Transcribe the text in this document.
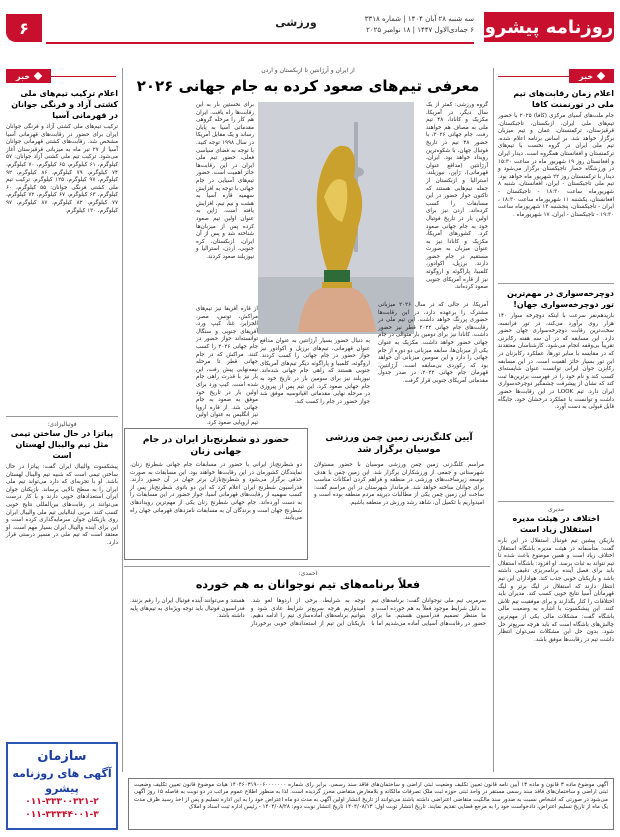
روزنامه پیشرو
سه شنبه ۲۸ آبان ۱۴۰۴ | شماره ۳۳۱۸
۶ جمادی‌الاول ۱۴۴۷ | ۱۸ نوامبر ۲۰۲۵
ورزشی
۶
خبر
اعلام زمان رقابت‌های تیم ملی در تورنمنت کافا
جام ملت‌های آسیای مرکزی (کافا) ۲۰۲۵ با حضور تیم‌های ملی ایران، ازبکستان، تاجیکستان، قرقیزستان، ترکمنستان، عمان و تیم میزبان برگزار خواهد شد. بر اساس برنامه اعلام شده، تیم ملی ایران در گروه نخست با تیم‌های ترکمنستان و افغانستان همگروه است. دیدار ایران و افغانستان روز ۱۹ شهریور ماه در ساعت ۱۵:۳۰ در ورزشگاه حصار تاجیکستان برگزار می‌شود و دیدار با ترکمنستان روز ۲۲ شهریور ماه خواهد بود. تیم ملی تاجیکستان - ایران، افغانستان، شنبه ۸ شهریورماه ساعت ۱۸:۳۰ - تاجیکستان - افغانستان، یکشنبه ۱۱ شهریورماه ساعت ۱۸:۳۰ ، ایران - تاجیکستان، پنجشنبه ۱۳ شهریورماه ساعت ۱۹:۳۰ - تاجیکستان - ایران، ۱۷ شهریورماه .
دوچرخه‌سواری در مهم‌ترین تور دوچرخه‌سواری جهان!
بازیدهم‌نفر سرعت با اینکه دوچرخه سوار ۱۴۰ هزار روی برآورد می‌کند، در تور فرانسه، سخت‌ترین رقابت دوچرخه‌سواری جهان حضور دارد. این مسابقه که در آن سه هفته رکابزنی تقریباً بی‌وقفه انجام می‌شود، کارشناسان معتقدند که در مقایسه با سایر تورها، عملکرد رکابزنان در این تور بسیار حائز اهمیت است. در این مسابقه رکابزن جوان ایرانی توانست عنوان شایسته‌ای کسب کند و نام خود را در فهرست برترین‌ها ثبت کند که نشان از پیشرفت چشمگیر دوچرخه‌سواری ایران دارد. تیم LOOK در این رقابت‌ها حضور داشت و توانست با عملکرد درخشان خود، جایگاه قابل قبولی به دست آورد.
مدیری
اختلاف در هیئت مدیره استقلال زیاد است
بازیکن پیشین تیم فوتبال استقلال در این باره گفت: متأسفانه در هیئت مدیره باشگاه استقلال اختلاف زیاد است و همین موضوع باعث شده تا تیم نتواند به ثبات برسد. او افزود: باشگاه استقلال باید برای فصل آینده برنامه‌ریزی دقیقی داشته باشد و بازیکنان خوبی جذب کند. هواداران این تیم انتظار دارند که استقلال در لیگ برتر و لیگ قهرمانان آسیا نتایج خوبی کسب کند. مدیران باید اختلافات را کنار بگذارند و برای موفقیت تیم تلاش کنند. این پیشکسوت با اشاره به وضعیت مالی باشگاه گفت: مشکلات مالی یکی از مهم‌ترین چالش‌های باشگاه است که باید هرچه سریع‌تر حل شود. بدون حل این مشکلات نمی‌توان انتظار داشت تیم در رقابت‌ها موفق باشد.
از ایران و آرژانتین تا ازبکستان و اردن
معرفی تیم‌های صعود کرده به جام جهانی ۲۰۲۶
گروه ورزشی: کمتر از یک سال دیگر، در آمریکا، مکزیک و کانادا، ۴۸ تیم ملی به مصاف هم خواهند رفت. جام جهانی ۲۰۲۶، با حضور ۴۸ تیم در تاریخ فوتبال جهان، با شکوه‌ترین رویداد خواهد بود. ایران، آرژانتین (مدافع عنوان قهرمانی)، ژاپن، نیوزیلند، استرالیا و ازبکستان از جمله تیم‌هایی هستند که تاکنون جواز حضور در این مسابقات را کسب کرده‌اند. اردن نیز برای اولین بار در تاریخ فوتبال خود به جام جهانی صعود کرد. کشورهای آمریکا، مکزیک و کانادا نیز به عنوان میزبان به صورت مستقیم در جام حضور دارند. برزیل، اکوادور، کلمبیا، پاراگوئه و اروگوئه نیز از قاره آمریکای جنوبی صعود کرده‌اند.
برای نخستین بار به این رقابت‌ها راه یافت. ایران هم کار را مرحله گروهی مقدماتی آسیا به پایان رساند و یک مقابل آمریکا در سال ۱۹۹۸ توجه کنید. با توجه به فضای سیاسی فعلی، حضور تیم ملی ایران در این رقابت‌ها حائز اهمیت است. حضور تیم‌های آسیایی در جام جهانی با توجه به افزایش سهمیه قاره آسیا به هشت و نیم تیم، افزایش یافته است. ژاپن به عنوان اولین تیم صعود کرده پس از میزبان‌ها شناخته شد و پس از آن ایران، ازبکستان، کره جنوبی، اردن، استرالیا و نیوزیلند صعود کردند.
آمریکا، در حالی که در سال ۲۰۲۶ میزبانی مشترک را برعهده دارد، در این رقابت‌ها حضوری پررنگ خواهد داشت. این تیم ملی در رقابت‌های جام جهانی ۲۰۲۲ قطر نیز حضور داشت. کانادا نیز برای دومین بار متوالی در جام جهانی حضور خواهد داشت. مکزیک به عنوان یکی از میزبان‌ها، سابقه میزبانی دو دوره از جام جهانی را دارد و این سومین میزبانی آن خواهد بود که رکوردی بی‌سابقه است. آرژانتین، قهرمان جام جهانی ۲۰۲۲، در صدر جدول مقدماتی آمریکای جنوبی قرار گرفت.
به دنبال حضور بسیار آرژانتین به عنوان مدافع عنوان قهرمانی، تیم‌های برزیل و اکوادور نیز جواز حضور در جام جهانی را کسب کردند. اروگوئه، کلمبیا و پاراگوئه دیگر تیم‌های آمریکای جنوبی هستند که راهی جام جهانی شده‌اند. نیوزیلند نیز برای سومین بار در تاریخ خود به جام جهانی صعود کرد. این تیم پس از پیروزی در مرحله نهایی مقدماتی اقیانوسیه موفق شد جواز حضور در جام را کسب کند.
از قاره آفریقا نیز تیم‌های مراکش، تونس، مصر، الجزایر، غنا، کیپ ورد، آفریقای جنوبی و سنگال توانسته‌اند جواز حضور در جام جهانی ۲۰۲۶ را کسب کنند. مراکش که در جام جهانی قطر تا مرحله نیمه‌نهایی پیش رفت، این بار نیز با قدرت راهی جام شده است. کیپ ورد برای اولین بار در تاریخ خود موفق به صعود به جام جهانی شد. از قاره اروپا نیز انگلیس به عنوان اولین تیم اروپایی صعود کرد.
حضور دو شطرنج‌باز ایران در جام جهانی زنان
دو شطرنج‌باز ایرانی با حضور در مسابقات جام جهانی شطرنج زنان، نمایندگان کشورمان در این رقابت‌ها خواهند بود. این مسابقات به صورت حذفی برگزار می‌شود و شطرنج‌بازان برتر جهان در آن حضور دارند. فدراسیون شطرنج ایران اعلام کرد که این دو بانوی شطرنج‌باز پس از کسب سهمیه از رقابت‌های قهرمانی آسیا، جواز حضور در این مسابقات را به دست آورده‌اند. جام جهانی شطرنج زنان یکی از مهم‌ترین رویدادهای شطرنج جهان است و برندگان آن به مسابقات نامزدهای قهرمانی جهان راه می‌یابند.
آیین کلنگ‌زنی زمین چمن ورزشی موسیان برگزار شد
مراسم کلنگ‌زنی زمین چمن ورزشی موسیان با حضور مسئولان شهرستانی و جمعی از ورزشکاران برگزار شد. این زمین چمن با هدف توسعه زیرساخت‌های ورزشی در منطقه و فراهم کردن امکانات مناسب برای جوانان ساخته خواهد شد. فرماندار شهرستان در این مراسم گفت: ساخت این زمین چمن یکی از مطالبات دیرینه مردم منطقه بوده است و امیدواریم با تکمیل آن، شاهد رشد ورزش در منطقه باشیم.
احمدی:
فعلاً برنامه‌های تیم نوجوانان به هم خورده
سرمربی تیم ملی نوجوانان گفت: برنامه‌های تیم به دلیل شرایط موجود فعلاً به هم خورده است و ما منتظر تصمیم فدراسیون هستیم. ما برای حضور در رقابت‌های آسیایی آماده می‌شدیم اما با توجه به شرایط، برخی از اردوها لغو شد. امیدواریم هرچه سریع‌تر شرایط عادی شود و بتوانیم برنامه‌های آماده‌سازی تیم را ادامه دهیم. بازیکنان این تیم از استعدادهای خوبی برخوردار هستند و می‌توانند آینده فوتبال ایران را رقم بزنند. فدراسیون فوتبال باید توجه ویژه‌ای به تیم‌های پایه داشته باشد.
خبر
اعلام ترکیب تیم‌های ملی کشتی آزاد و فرنگی جوانان در قهرمانی آسیا
ترکیب تیم‌های ملی کشتی آزاد و فرنگی جوانان ایران برای حضور در رقابت‌های قهرمانی آسیا مشخص شد. رقابت‌های کشتی قهرمانی جوانان آسیا از ۲۷ تیر ماه به میزبانی قرقیزستان آغاز می‌شود. ترکیب تیم ملی کشتی آزاد جوانان: ۵۷ کیلوگرم، ۶۱ کیلوگرم، ۶۵ کیلوگرم، ۷۰ کیلوگرم، ۷۴ کیلوگرم، ۷۹ کیلوگرم، ۸۶ کیلوگرم، ۹۲ کیلوگرم، ۹۷ کیلوگرم، ۱۲۵ کیلوگرم. ترکیب تیم ملی کشتی فرنگی جوانان: ۵۵ کیلوگرم، ۶۰ کیلوگرم، ۶۳ کیلوگرم، ۶۷ کیلوگرم، ۷۲ کیلوگرم، ۷۷ کیلوگرم، ۸۲ کیلوگرم، ۸۷ کیلوگرم، ۹۷ کیلوگرم، ۱۳۰ کیلوگرم.
فوتبالیزادی:
پیاتزا در حال ساختن تیمی مثل تیم والیبال لهستان است
پیشکسوت والیبال ایران گفت: پیاتزا در حال ساختن تیمی است که شبیه تیم والیبال لهستان باشد. او با تجربه‌ای که دارد می‌تواند تیم ملی ایران را به سطح بالایی برساند. بازیکنان جوان ایران استعدادهای خوبی دارند و با کار درست می‌توانند در رقابت‌های بین‌المللی نتایج خوبی کسب کنند. مربی ایتالیایی تیم ملی والیبال ایران روی بازیکنان جوان سرمایه‌گذاری کرده است و این برای آینده والیبال ایران بسیار مهم است. او معتقد است که تیم ملی در مسیر درستی قرار دارد.
سازمان
آگهی های روزنامه پیشرو
۰۱۱-۳۳۳۰۰۳۲۱-۲
۰۱۱-۳۳۳۴۴۰۰۱-۳
آگهی موضوع ماده ۳ قانون و ماده ۱۳ آیین نامه قانون تعیین تکلیف وضعیت ثبتی اراضی و ساختمان‌های فاقد سند رسمی. برابر رای شماره ۱۴۰۴۶۰۳۱۹۰۰۶۰۰۰۰۰۰۰ هیات موضوع قانون تعیین تکلیف وضعیت ثبتی اراضی و ساختمان‌های فاقد سند رسمی مستقر در واحد ثبتی حوزه ثبت ملک تصرفات مالکانه و بلامعارض متقاضی محرز گردیده است. لذا به منظور اطلاع عموم مراتب در دو نوبت به فاصله ۱۵ روز آگهی می‌شود در صورتی که اشخاص نسبت به صدور سند مالکیت متقاضی اعتراضی داشته باشند می‌توانند از تاریخ انتشار اولین آگهی به مدت دو ماه اعتراض خود را به این اداره تسلیم و پس از اخذ رسید ظرف مدت یک ماه از تاریخ تسلیم اعتراض، دادخواست خود را به مرجع قضایی تقدیم نمایند. تاریخ انتشار نوبت اول: ۱۴۰۴/۰۸/۱۳ تاریخ انتشار نوبت دوم: ۱۴۰۴/۰۸/۲۸ - رئیس اداره ثبت اسناد و املاک
